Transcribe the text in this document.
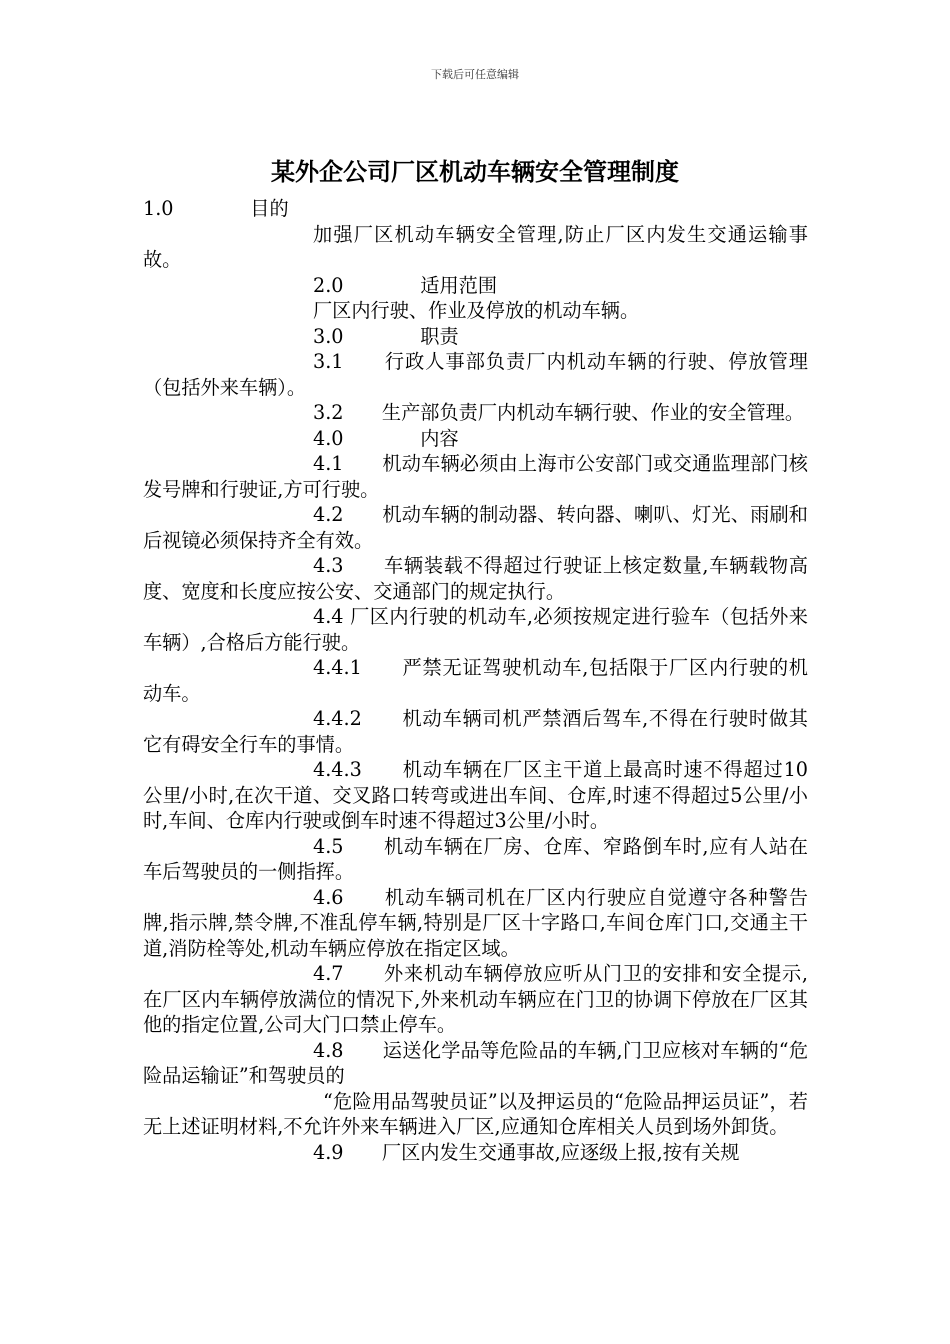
下载后可任意编辑
某外企公司厂区机动车辆安全管理制度

1.0　　　　目的

加强厂区机动车辆安全管理,防止厂区内发生交通运输事故。

2.0　　　　适用范围

厂区内行驶、作业及停放的机动车辆。

3.0　　　　职责

3.1　　行政人事部负责厂内机动车辆的行驶、停放管理（包括外来车辆）。

3.2　　生产部负责厂内机动车辆行驶、作业的安全管理。

4.0　　　　内容

4.1　　机动车辆必须由上海市公安部门或交通监理部门核发号牌和行驶证,方可行驶。

4.2　　机动车辆的制动器、转向器、喇叭、灯光、雨刷和后视镜必须保持齐全有效。

4.3　　车辆装载不得超过行驶证上核定数量,车辆载物高度、宽度和长度应按公安、交通部门的规定执行。

4.4 厂区内行驶的机动车,必须按规定进行验车（包括外来车辆）,合格后方能行驶。

4.4.1　　严禁无证驾驶机动车,包括限于厂区内行驶的机动车。

4.4.2　　机动车辆司机严禁酒后驾车,不得在行驶时做其它有碍安全行车的事情。

4.4.3　　机动车辆在厂区主干道上最高时速不得超过10公里/小时,在次干道、交叉路口转弯或进出车间、仓库,时速不得超过5公里/小时,车间、仓库内行驶或倒车时速不得超过3公里/小时。

4.5　　机动车辆在厂房、仓库、窄路倒车时,应有人站在车后驾驶员的一侧指挥。

4.6　　机动车辆司机在厂区内行驶应自觉遵守各种警告牌,指示牌,禁令牌,不准乱停车辆,特别是厂区十字路口,车间仓库门口,交通主干道,消防栓等处,机动车辆应停放在指定区域。

4.7　　外来机动车辆停放应听从门卫的安排和安全提示,在厂区内车辆停放满位的情况下,外来机动车辆应在门卫的协调下停放在厂区其他的指定位置,公司大门口禁止停车。

4.8　　运送化学品等危险品的车辆,门卫应核对车辆的“危险品运输证”和驾驶员的

“危险用品驾驶员证”以及押运员的“危险品押运员证”，若无上述证明材料,不允许外来车辆进入厂区,应通知仓库相关人员到场外卸货。

4.9　　厂区内发生交通事故,应逐级上报,按有关规
